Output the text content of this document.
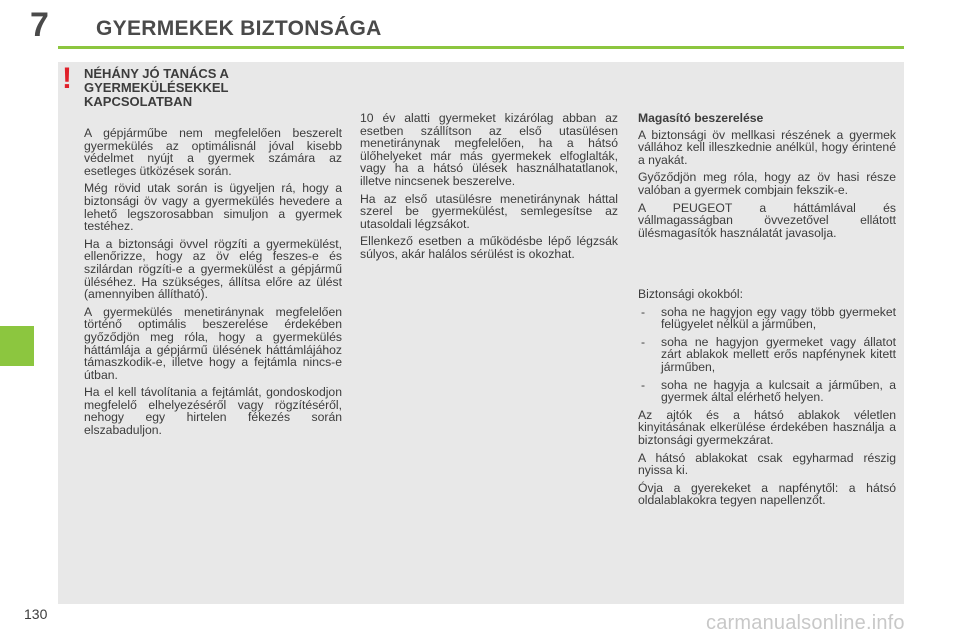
7 GYERMEKEK BIZTONSÁGA
! NÉHÁNY JÓ TANÁCS A GYERMEKÜLÉSEKKEL KAPCSOLATBAN

A gépjárműbe nem megfelelően beszerelt gyermekülés az optimálisnál jóval kisebb védelmet nyújt a gyermek számára az esetleges ütközések során.

Még rövid utak során is ügyeljen rá, hogy a biztonsági öv vagy a gyermekülés hevedere a lehető legszorosabban simuljon a gyermek testéhez.

Ha a biztonsági övvel rögzíti a gyermekülést, ellenőrizze, hogy az öv elég feszes-e és szilárdan rögzíti-e a gyermekülést a gépjármű üléséhez. Ha szükséges, állítsa előre az ülést (amennyiben állítható).

A gyermekülés menetiránynak megfelelően történő optimális beszerelése érdekében győződjön meg róla, hogy a gyermekülés háttámlája a gépjármű ülésének háttámlájához támaszkodik-e, illetve hogy a fejtámla nincs-e útban.

Ha el kell távolítania a fejtámlát, gondoskodjon megfelelő elhelyezéséről vagy rögzítéséről, nehogy egy hirtelen fékezés során elszabaduljon.

10 év alatti gyermeket kizárólag abban az esetben szállítson az első utasülésen menetiránynak megfelelően, ha a hátsó ülőhelyeket már más gyermekek elfoglalták, vagy ha a hátsó ülések használhatatlanok, illetve nincsenek beszerelve.

Ha az első utasülésre menetiránynak háttal szerel be gyermekülést, semlegesítse az utasoldali légzsákot.

Ellenkező esetben a működésbe lépő légzsák súlyos, akár halálos sérülést is okozhat.

Magasító beszerelése

A biztonsági öv mellkasi részének a gyermek vállához kell illeszkednie anélkül, hogy érintené a nyakát.

Győződjön meg róla, hogy az öv hasi része valóban a gyermek combjain fekszik-e.

A PEUGEOT a háttámlával és vállmagasságban övvezetővel ellátott ülésmagasítók használatát javasolja.

Biztonsági okokból:

- soha ne hagyjon egy vagy több gyermeket felügyelet nélkül a járműben,
- soha ne hagyjon gyermeket vagy állatot zárt ablakok mellett erős napfénynek kitett járműben,
- soha ne hagyja a kulcsait a járműben, a gyermek által elérhető helyen.

Az ajtók és a hátsó ablakok véletlen kinyitásának elkerülése érdekében használja a biztonsági gyermekzárat.

A hátsó ablakokat csak egyharmad részig nyissa ki.

Óvja a gyerekeket a napfénytől: a hátsó oldalablakokra tegyen napellenzőt.

130	carmanualsonline.info
